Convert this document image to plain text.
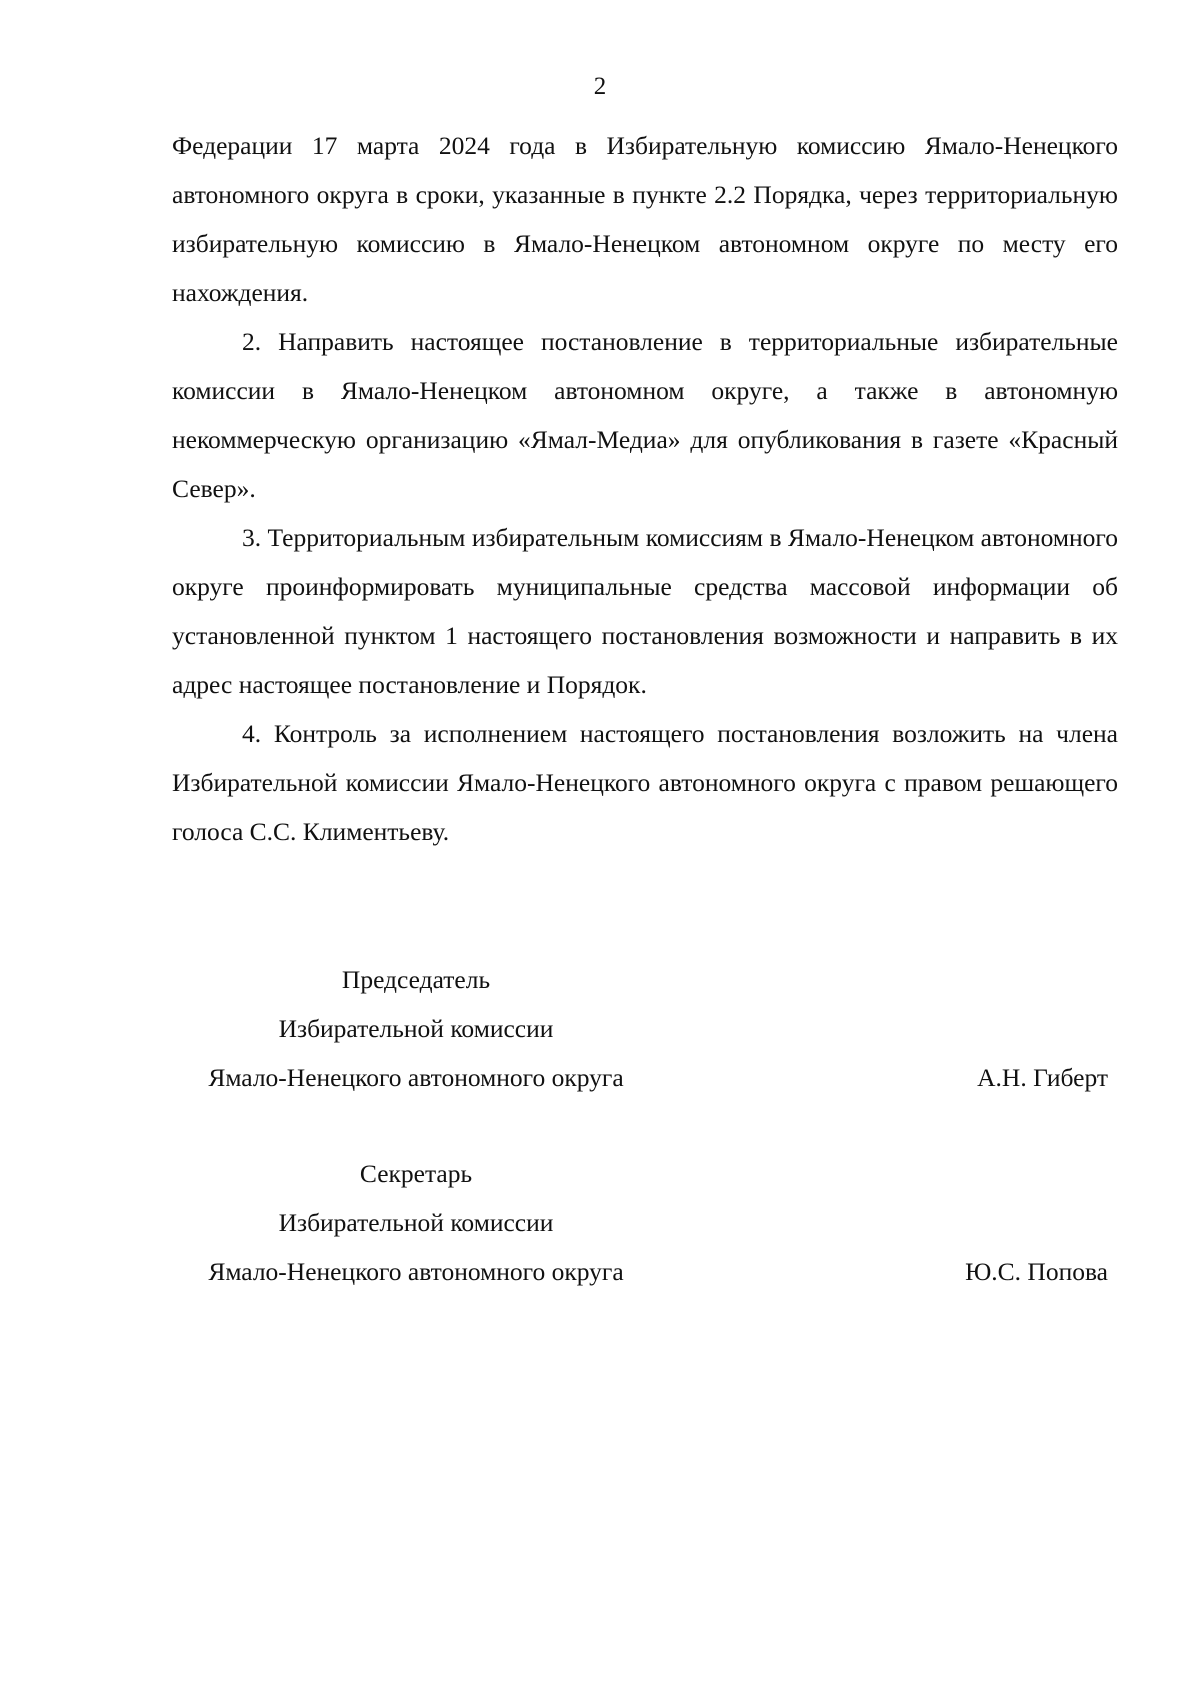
2

Федерации 17 марта 2024 года в Избирательную комиссию Ямало-Ненецкого автономного округа в сроки, указанные в пункте 2.2 Порядка, через территориальную избирательную комиссию в Ямало-Ненецком автономном округе по месту его нахождения.

2. Направить настоящее постановление в территориальные избирательные комиссии в Ямало-Ненецком автономном округе, а также в автономную некоммерческую организацию «Ямал-Медиа» для опубликования в газете «Красный Север».

3. Территориальным избирательным комиссиям в Ямало-Ненецком автономного округе проинформировать муниципальные средства массовой информации об установленной пунктом 1 настоящего постановления возможности и направить в их адрес настоящее постановление и Порядок.

4. Контроль за исполнением настоящего постановления возложить на члена Избирательной комиссии Ямало-Ненецкого автономного округа с правом решающего голоса С.С. Климентьеву.

Председатель
Избирательной комиссии
Ямало-Ненецкого автономного округа	А.Н. Гиберт
Секретарь
Избирательной комиссии
Ямало-Ненецкого автономного округа	Ю.С. Попова
